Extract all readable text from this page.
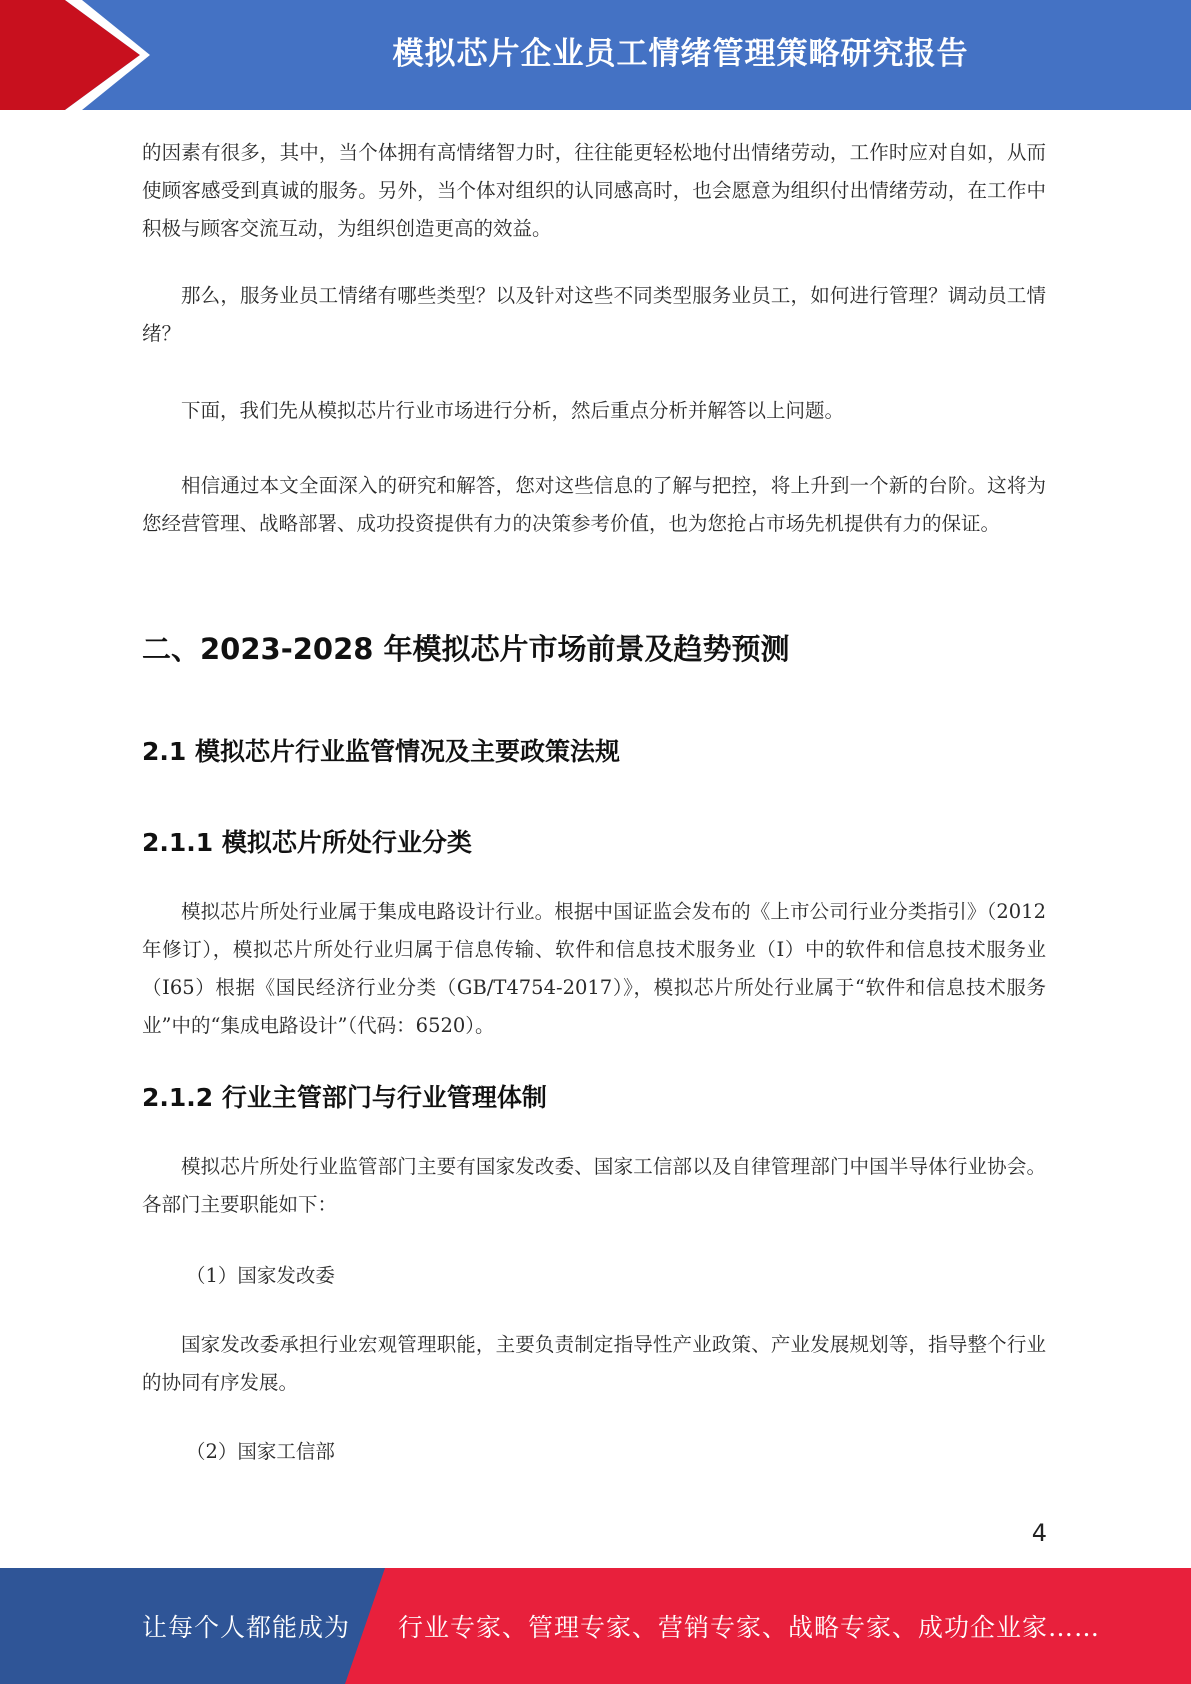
模拟芯片企业员工情绪管理策略研究报告

的因素有很多，其中，当个体拥有高情绪智力时，往往能更轻松地付出情绪劳动，工作时应对自如，从而使顾客感受到真诚的服务。另外，当个体对组织的认同感高时，也会愿意为组织付出情绪劳动，在工作中积极与顾客交流互动，为组织创造更高的效益。

那么，服务业员工情绪有哪些类型？以及针对这些不同类型服务业员工，如何进行管理？调动员工情绪？

下面，我们先从模拟芯片行业市场进行分析，然后重点分析并解答以上问题。

相信通过本文全面深入的研究和解答，您对这些信息的了解与把控，将上升到一个新的台阶。这将为您经营管理、战略部署、成功投资提供有力的决策参考价值，也为您抢占市场先机提供有力的保证。

二、2023-2028 年模拟芯片市场前景及趋势预测
2.1 模拟芯片行业监管情况及主要政策法规
2.1.1 模拟芯片所处行业分类

模拟芯片所处行业属于集成电路设计行业。根据中国证监会发布的《上市公司行业分类指引》（2012 年修订），模拟芯片所处行业归属于信息传输、软件和信息技术服务业（I）中的软件和信息技术服务业（I65）根据《国民经济行业分类（GB/T4754-2017）》，模拟芯片所处行业属于“软件和信息技术服务业”中的“集成电路设计”（代码：6520）。

2.1.2 行业主管部门与行业管理体制

模拟芯片所处行业监管部门主要有国家发改委、国家工信部以及自律管理部门中国半导体行业协会。各部门主要职能如下：

（1）国家发改委

国家发改委承担行业宏观管理职能，主要负责制定指导性产业政策、产业发展规划等，指导整个行业的协同有序发展。

（2）国家工信部

4
让每个人都能成为 行业专家、管理专家、营销专家、战略专家、成功企业家……
